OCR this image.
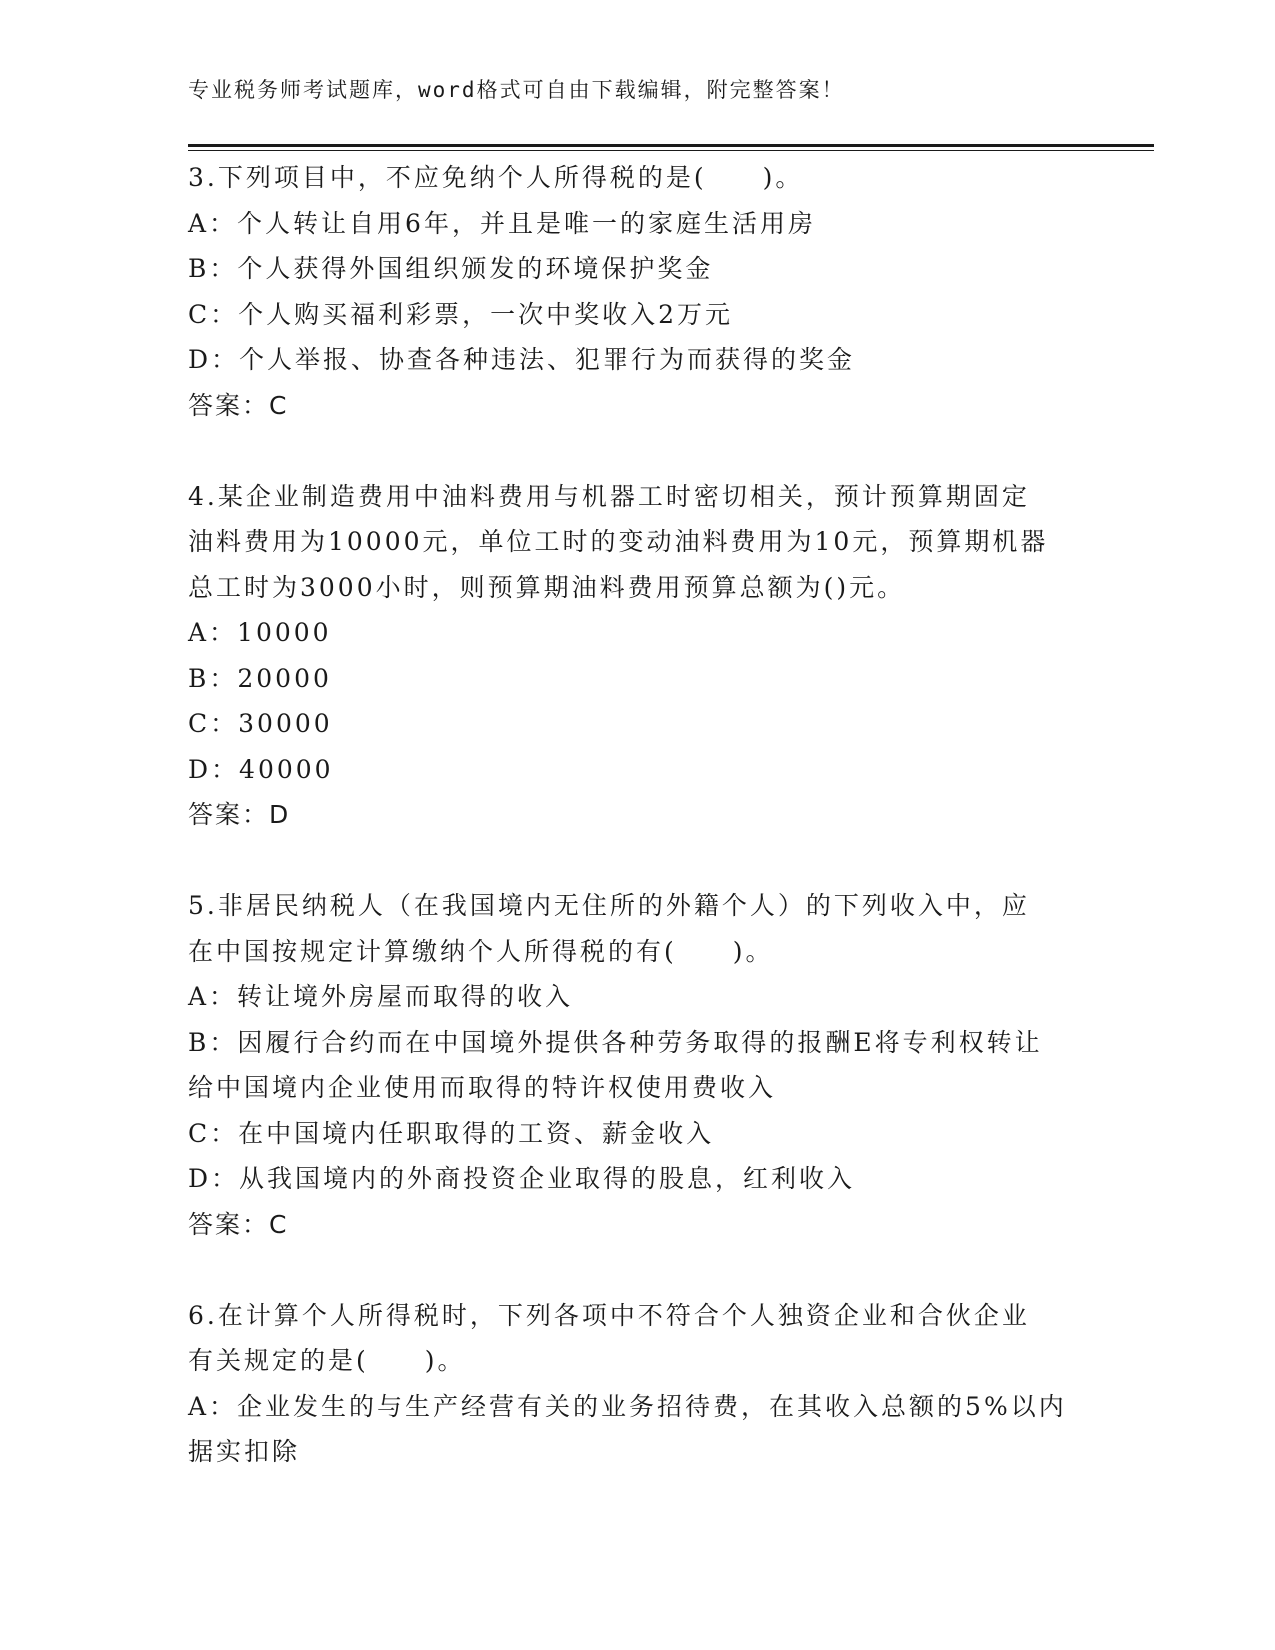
专业税务师考试题库，word格式可自由下载编辑，附完整答案！
3.下列项目中，不应免纳个人所得税的是(　　)。
A：个人转让自用6年，并且是唯一的家庭生活用房
B：个人获得外国组织颁发的环境保护奖金
C：个人购买福利彩票，一次中奖收入2万元
D：个人举报、协查各种违法、犯罪行为而获得的奖金
答案：C
4.某企业制造费用中油料费用与机器工时密切相关，预计预算期固定
油料费用为10000元，单位工时的变动油料费用为10元，预算期机器
总工时为3000小时，则预算期油料费用预算总额为()元。
A：10000
B：20000
C：30000
D：40000
答案：D
5.非居民纳税人（在我国境内无住所的外籍个人）的下列收入中，应
在中国按规定计算缴纳个人所得税的有(　　)。
A：转让境外房屋而取得的收入
B：因履行合约而在中国境外提供各种劳务取得的报酬E将专利权转让
给中国境内企业使用而取得的特许权使用费收入
C：在中国境内任职取得的工资、薪金收入
D：从我国境内的外商投资企业取得的股息，红利收入
答案：C
6.在计算个人所得税时，下列各项中不符合个人独资企业和合伙企业
有关规定的是(　　)。
A：企业发生的与生产经营有关的业务招待费，在其收入总额的5%以内
据实扣除
